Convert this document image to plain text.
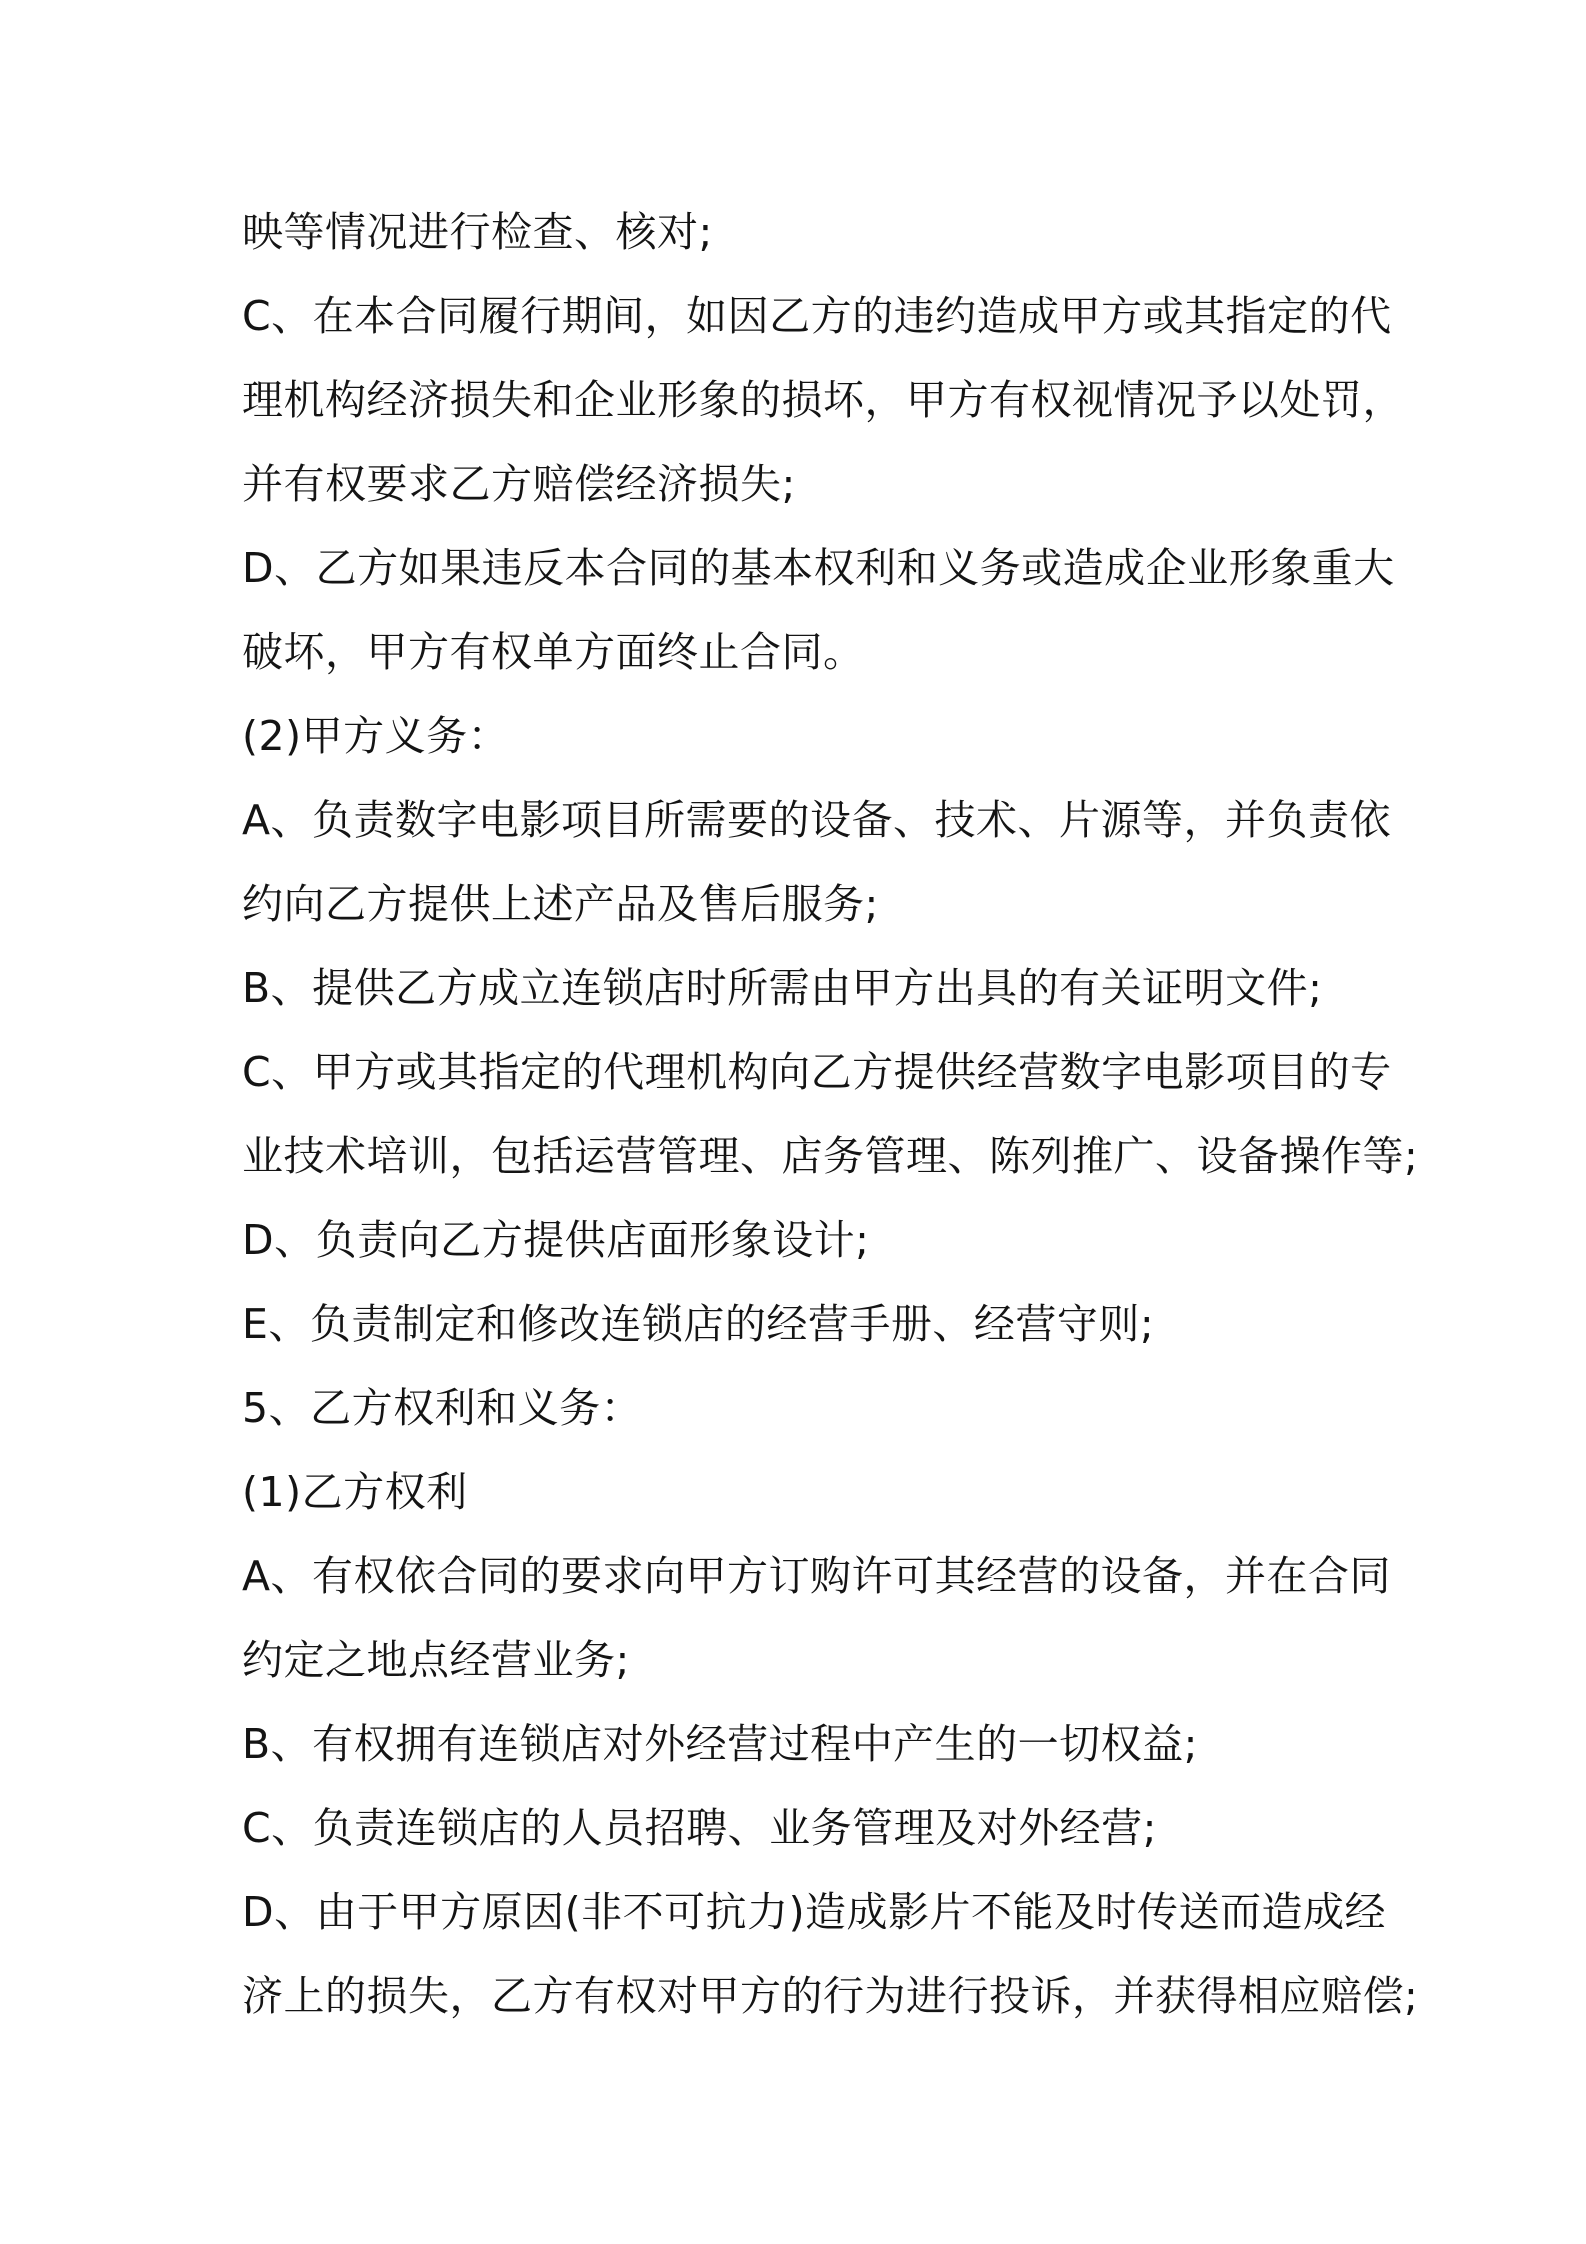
映等情况进行检查、核对;
C、在本合同履行期间，如因乙方的违约造成甲方或其指定的代
理机构经济损失和企业形象的损坏，甲方有权视情况予以处罚，
并有权要求乙方赔偿经济损失;
D、乙方如果违反本合同的基本权利和义务或造成企业形象重大
破坏，甲方有权单方面终止合同。
(2)甲方义务：
A、负责数字电影项目所需要的设备、技术、片源等，并负责依
约向乙方提供上述产品及售后服务;
B、提供乙方成立连锁店时所需由甲方出具的有关证明文件;
C、甲方或其指定的代理机构向乙方提供经营数字电影项目的专
业技术培训，包括运营管理、店务管理、陈列推广、设备操作等;
D、负责向乙方提供店面形象设计;
E、负责制定和修改连锁店的经营手册、经营守则;
5、乙方权利和义务：
(1)乙方权利
A、有权依合同的要求向甲方订购许可其经营的设备，并在合同
约定之地点经营业务;
B、有权拥有连锁店对外经营过程中产生的一切权益;
C、负责连锁店的人员招聘、业务管理及对外经营;
D、由于甲方原因(非不可抗力)造成影片不能及时传送而造成经
济上的损失，乙方有权对甲方的行为进行投诉，并获得相应赔偿;
